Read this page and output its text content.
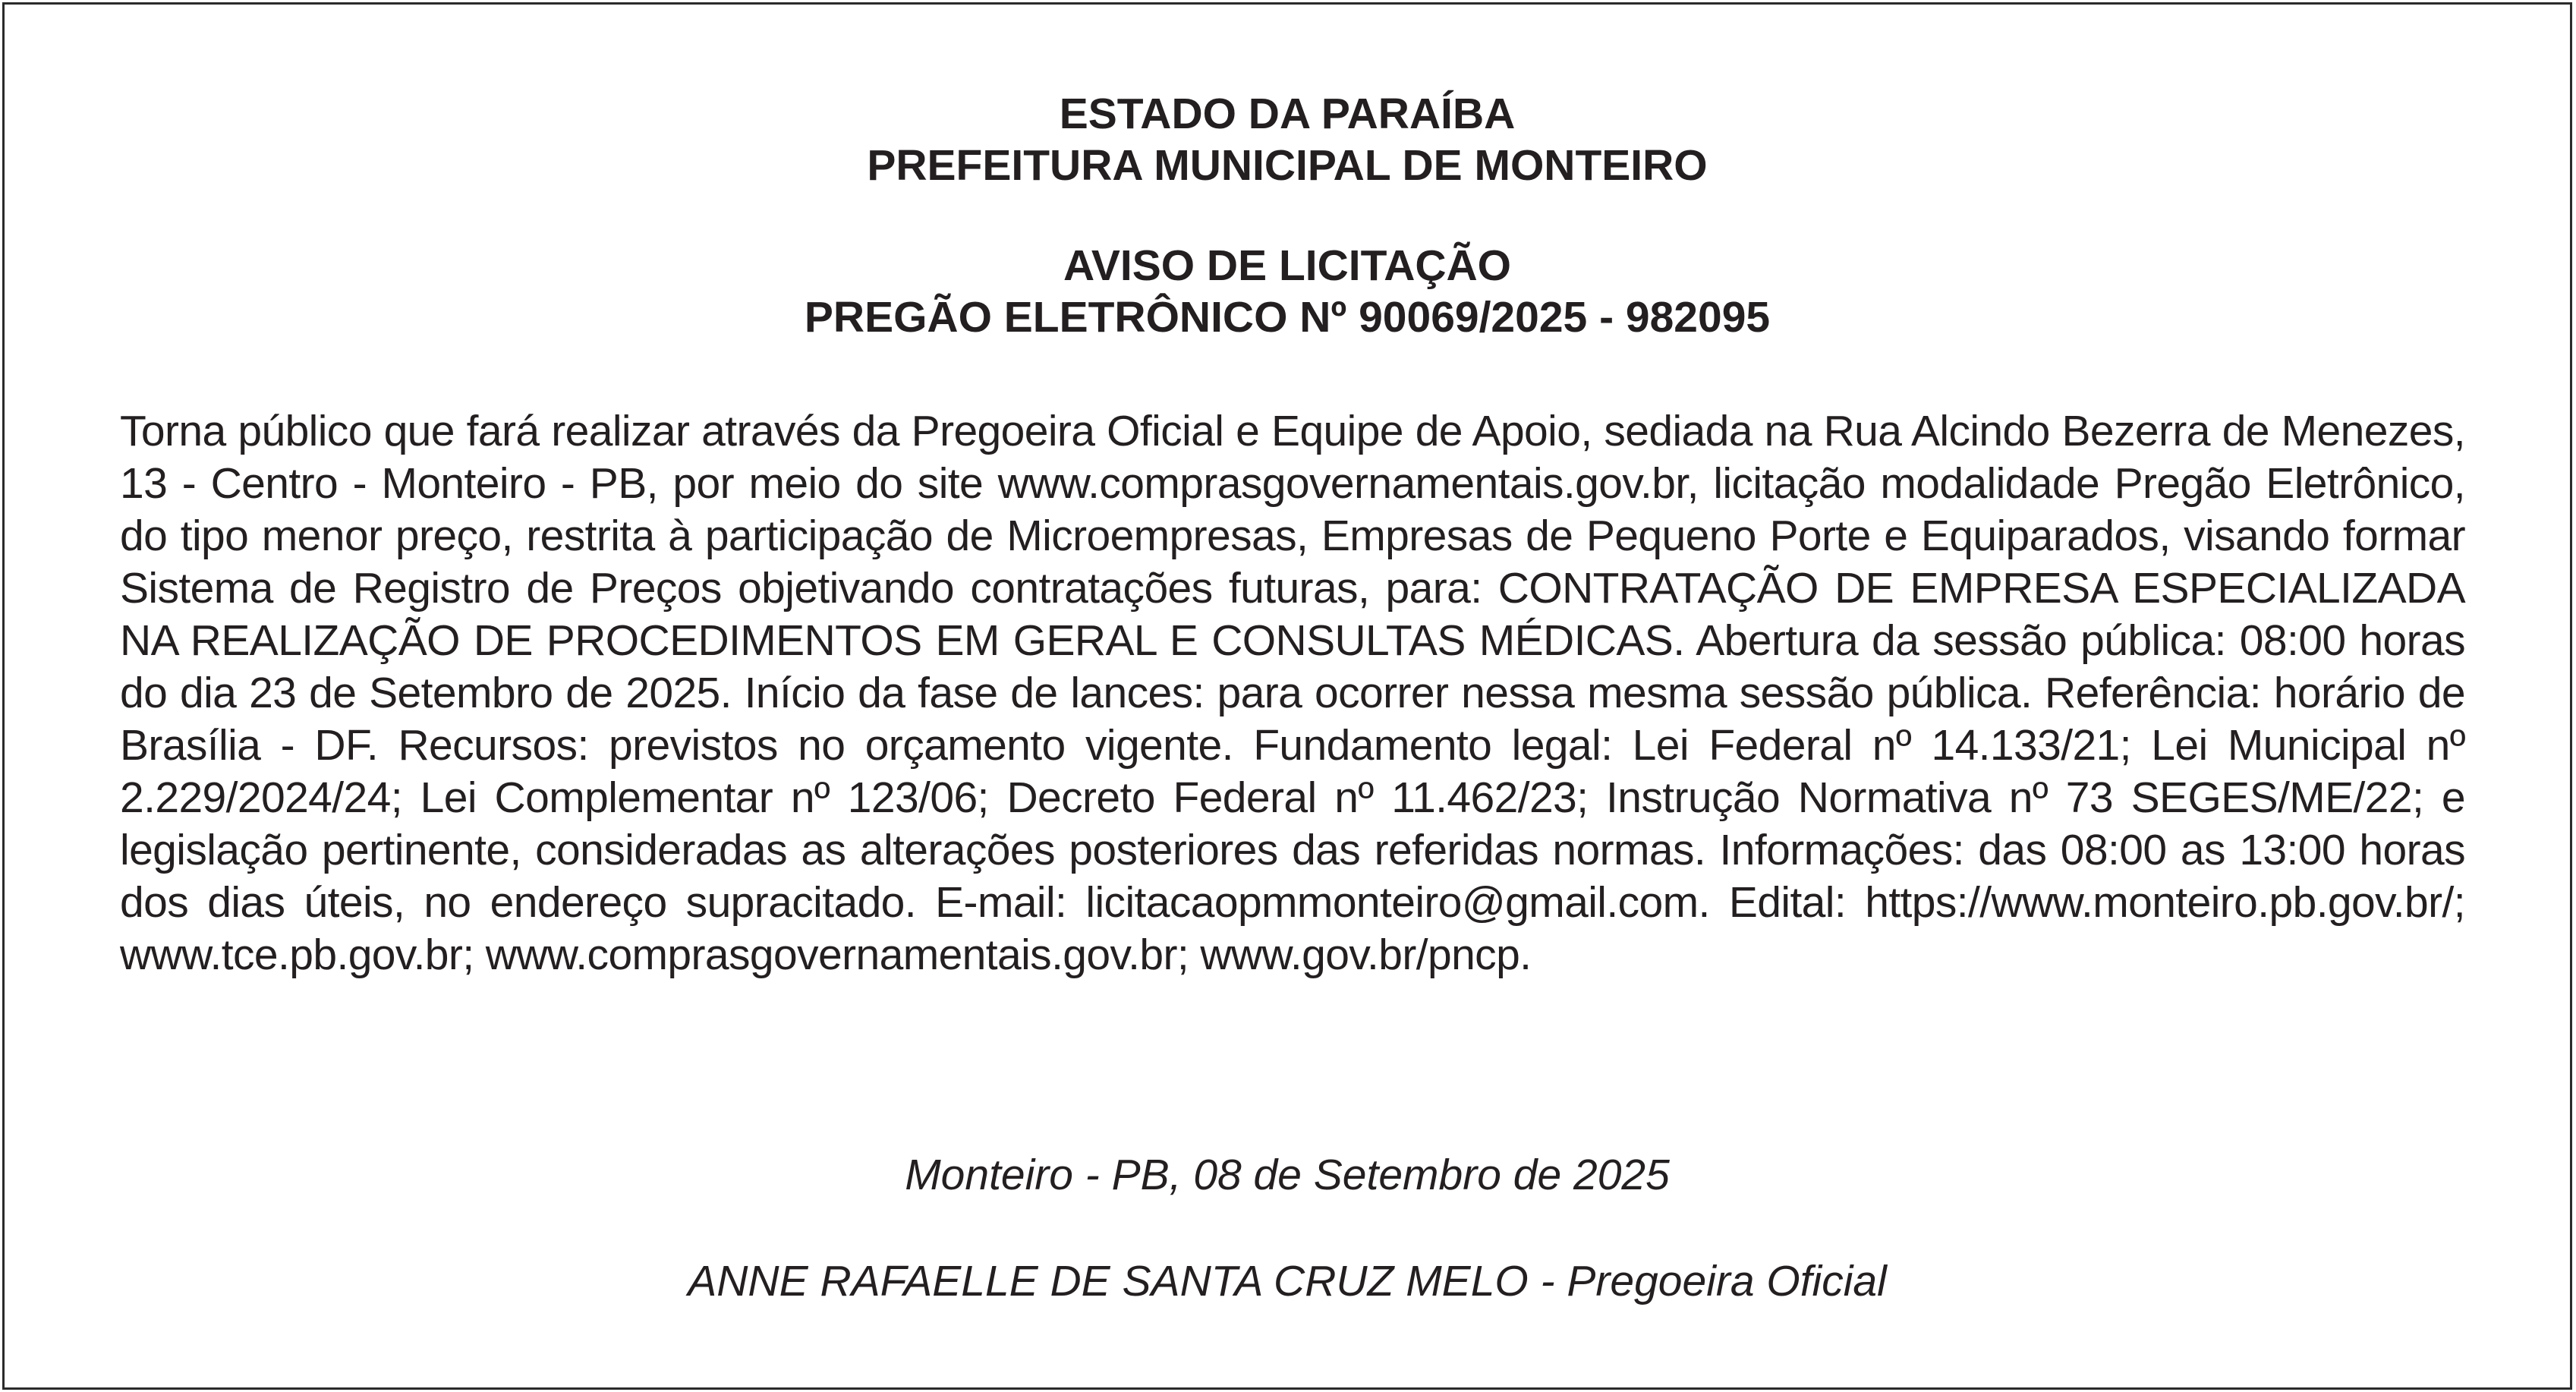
ESTADO DA PARAÍBA
PREFEITURA MUNICIPAL DE MONTEIRO
AVISO DE LICITAÇÃO
PREGÃO ELETRÔNICO Nº 90069/2025 - 982095
Torna público que fará realizar através da Pregoeira Oficial e Equipe de Apoio, sediada na Rua Alcindo Bezerra de Menezes, 13 - Centro - Monteiro - PB, por meio do site www.comprasgovernamentais.gov.br, licitação modalidade Pregão Eletrônico, do tipo menor preço, restrita à participação de Microempresas, Empresas de Pequeno Porte e Equiparados, visando formar Sistema de Registro de Preços objetivando contratações futuras, para: CONTRATAÇÃO DE EMPRESA ESPECIALIZADA NA REALIZAÇÃO DE PROCEDIMENTOS EM GERAL E CONSULTAS MÉDICAS. Abertura da sessão pública: 08:00 horas do dia 23 de Setembro de 2025. Início da fase de lances: para ocorrer nessa mesma sessão pública. Referência: horário de Brasília - DF. Recursos: previstos no orçamento vigente. Fundamento legal: Lei Federal nº 14.133/21; Lei Municipal nº 2.229/2024/24; Lei Complementar nº 123/06; Decreto Federal nº 11.462/23; Instrução Normativa nº 73 SEGES/ME/22; e legislação pertinente, consideradas as alterações posteriores das referidas normas. Informações: das 08:00 as 13:00 horas dos dias úteis, no endereço supracitado. E-mail: licitacaopmmonteiro@gmail.com. Edital: https://www.monteiro.pb.gov.br/; www.tce.pb.gov.br; www.comprasgovernamentais.gov.br; www.gov.br/pncp.
Monteiro - PB, 08 de Setembro de 2025
ANNE RAFAELLE DE SANTA CRUZ MELO - Pregoeira Oficial
